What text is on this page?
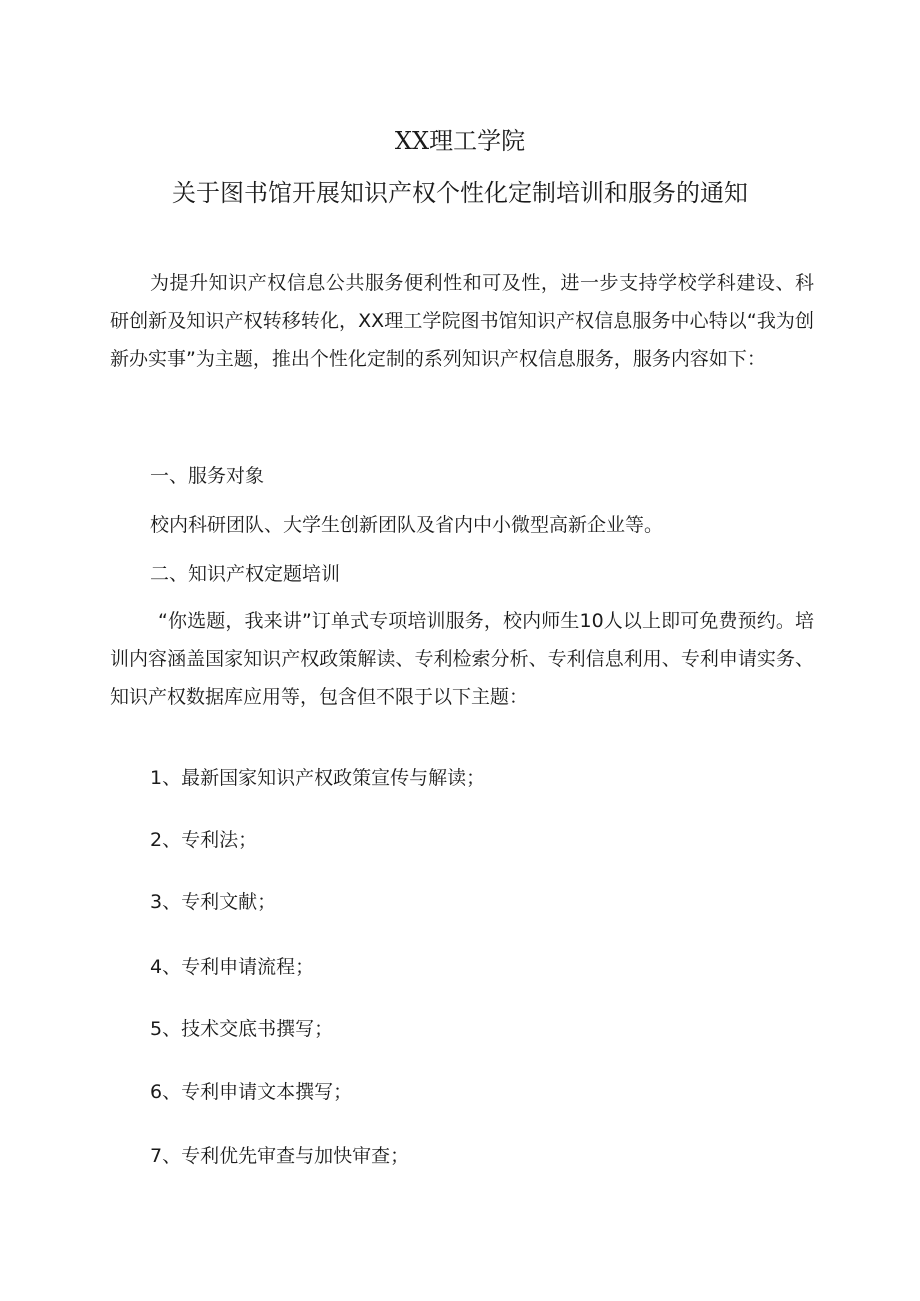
XX理工学院
关于图书馆开展知识产权个性化定制培训和服务的通知
为提升知识产权信息公共服务便利性和可及性，进一步支持学校学科建设、科研创新及知识产权转移转化，XX理工学院图书馆知识产权信息服务中心特以“我为创新办实事”为主题，推出个性化定制的系列知识产权信息服务，服务内容如下：
一、服务对象
校内科研团队、大学生创新团队及省内中小微型高新企业等。
二、知识产权定题培训
“你选题，我来讲”订单式专项培训服务，校内师生10人以上即可免费预约。培训内容涵盖国家知识产权政策解读、专利检索分析、专利信息利用、专利申请实务、知识产权数据库应用等，包含但不限于以下主题：
1、最新国家知识产权政策宣传与解读；
2、专利法；
3、专利文献；
4、专利申请流程；
5、技术交底书撰写；
6、专利申请文本撰写；
7、专利优先审查与加快审查；
